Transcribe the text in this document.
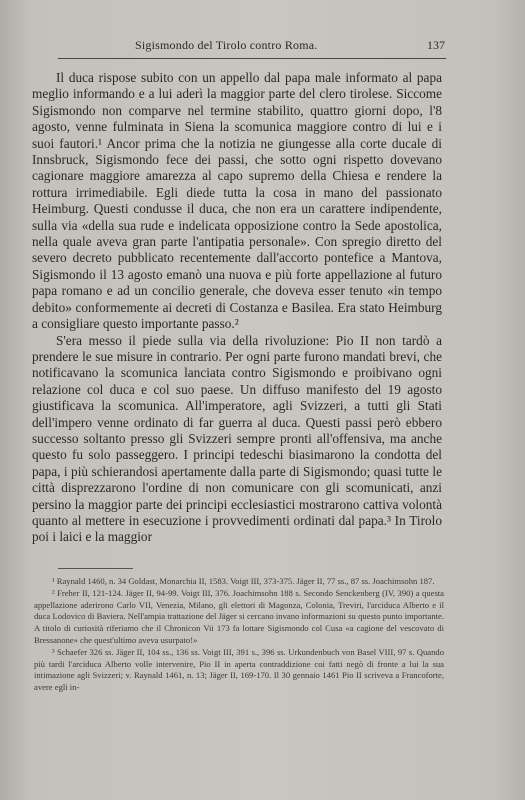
Sigismondo del Tirolo contro Roma.	137

Il duca rispose subito con un appello dal papa male informato al papa meglio informando e a lui aderì la maggior parte del clero tirolese. Siccome Sigismondo non comparve nel termine stabilito, quattro giorni dopo, l'8 agosto, venne fulminata in Siena la scomunica maggiore contro di lui e i suoi fautori.¹ Ancor prima che la notizia ne giungesse alla corte ducale di Innsbruck, Sigismondo fece dei passi, che sotto ogni rispetto dovevano cagionare maggiore amarezza al capo supremo della Chiesa e rendere la rottura irrimediabile. Egli diede tutta la cosa in mano del passionato Heimburg. Questi condusse il duca, che non era un carattere indipendente, sulla via «della sua rude e indelicata opposizione contro la Sede apostolica, nella quale aveva gran parte l'antipatia personale». Con spregio diretto del severo decreto pubblicato recentemente dall'accorto pontefice a Mantova, Sigismondo il 13 agosto emanò una nuova e più forte appellazione al futuro papa romano e ad un concilio generale, che doveva esser tenuto «in tempo debito» conformemente ai decreti di Costanza e Basilea. Era stato Heimburg a consigliare questo importante passo.²

S'era messo il piede sulla via della rivoluzione: Pio II non tardò a prendere le sue misure in contrario. Per ogni parte furono mandati brevi, che notificavano la scomunica lanciata contro Sigismondo e proibivano ogni relazione col duca e col suo paese. Un diffuso manifesto del 19 agosto giustificava la scomunica. All'imperatore, agli Svizzeri, a tutti gli Stati dell'impero venne ordinato di far guerra al duca. Questi passi però ebbero successo soltanto presso gli Svizzeri sempre pronti all'offensiva, ma anche questo fu solo passeggero. I principi tedeschi biasimarono la condotta del papa, i più schierandosi apertamente dalla parte di Sigismondo; quasi tutte le città disprezzarono l'ordine di non comunicare con gli scomunicati, anzi persino la maggior parte dei principi ecclesiastici mostrarono cattiva volontà quanto al mettere in esecuzione i provvedimenti ordinati dal papa.³ In Tirolo poi i laici e la maggior

¹ Raynald 1460, n. 34 Goldast, Monarchia II, 1583. Voigt III, 373-375. Jäger II, 77 ss., 87 ss. Joachimsohn 187.

² Freher II, 121-124. Jäger II, 94-99. Voigt III, 376. Joachimsohn 188 s. Secondo Senckenberg (IV, 390) a questa appellazione aderirono Carlo VII, Venezia, Milano, gli elettori di Magonza, Colonia, Treviri, l'arciduca Alberto e il duca Lodovico di Baviera. Nell'ampia trattazione del Jäger si cercano invano informazioni su questo punto importante. A titolo di curiosità riferiamo che il Chronicon Vii 173 fa lottare Sigismondo col Cusa «a cagione del vescovato di Bressanone» che quest'ultimo aveva usurpato!»

³ Schaefer 326 ss. Jäger II, 104 ss., 136 ss. Voigt III, 391 s., 396 ss. Urkundenbuch von Basel VIII, 97 s. Quando più tardi l'arciduca Alberto volle intervenire, Pio II in aperta contraddizione coi fatti negò di fronte a lui la sua intimazione agli Svizzeri; v. Raynald 1461, n. 13; Jäger II, 169-170. Il 30 gennaio 1461 Pio II scriveva a Francoforte, avere egli in-
